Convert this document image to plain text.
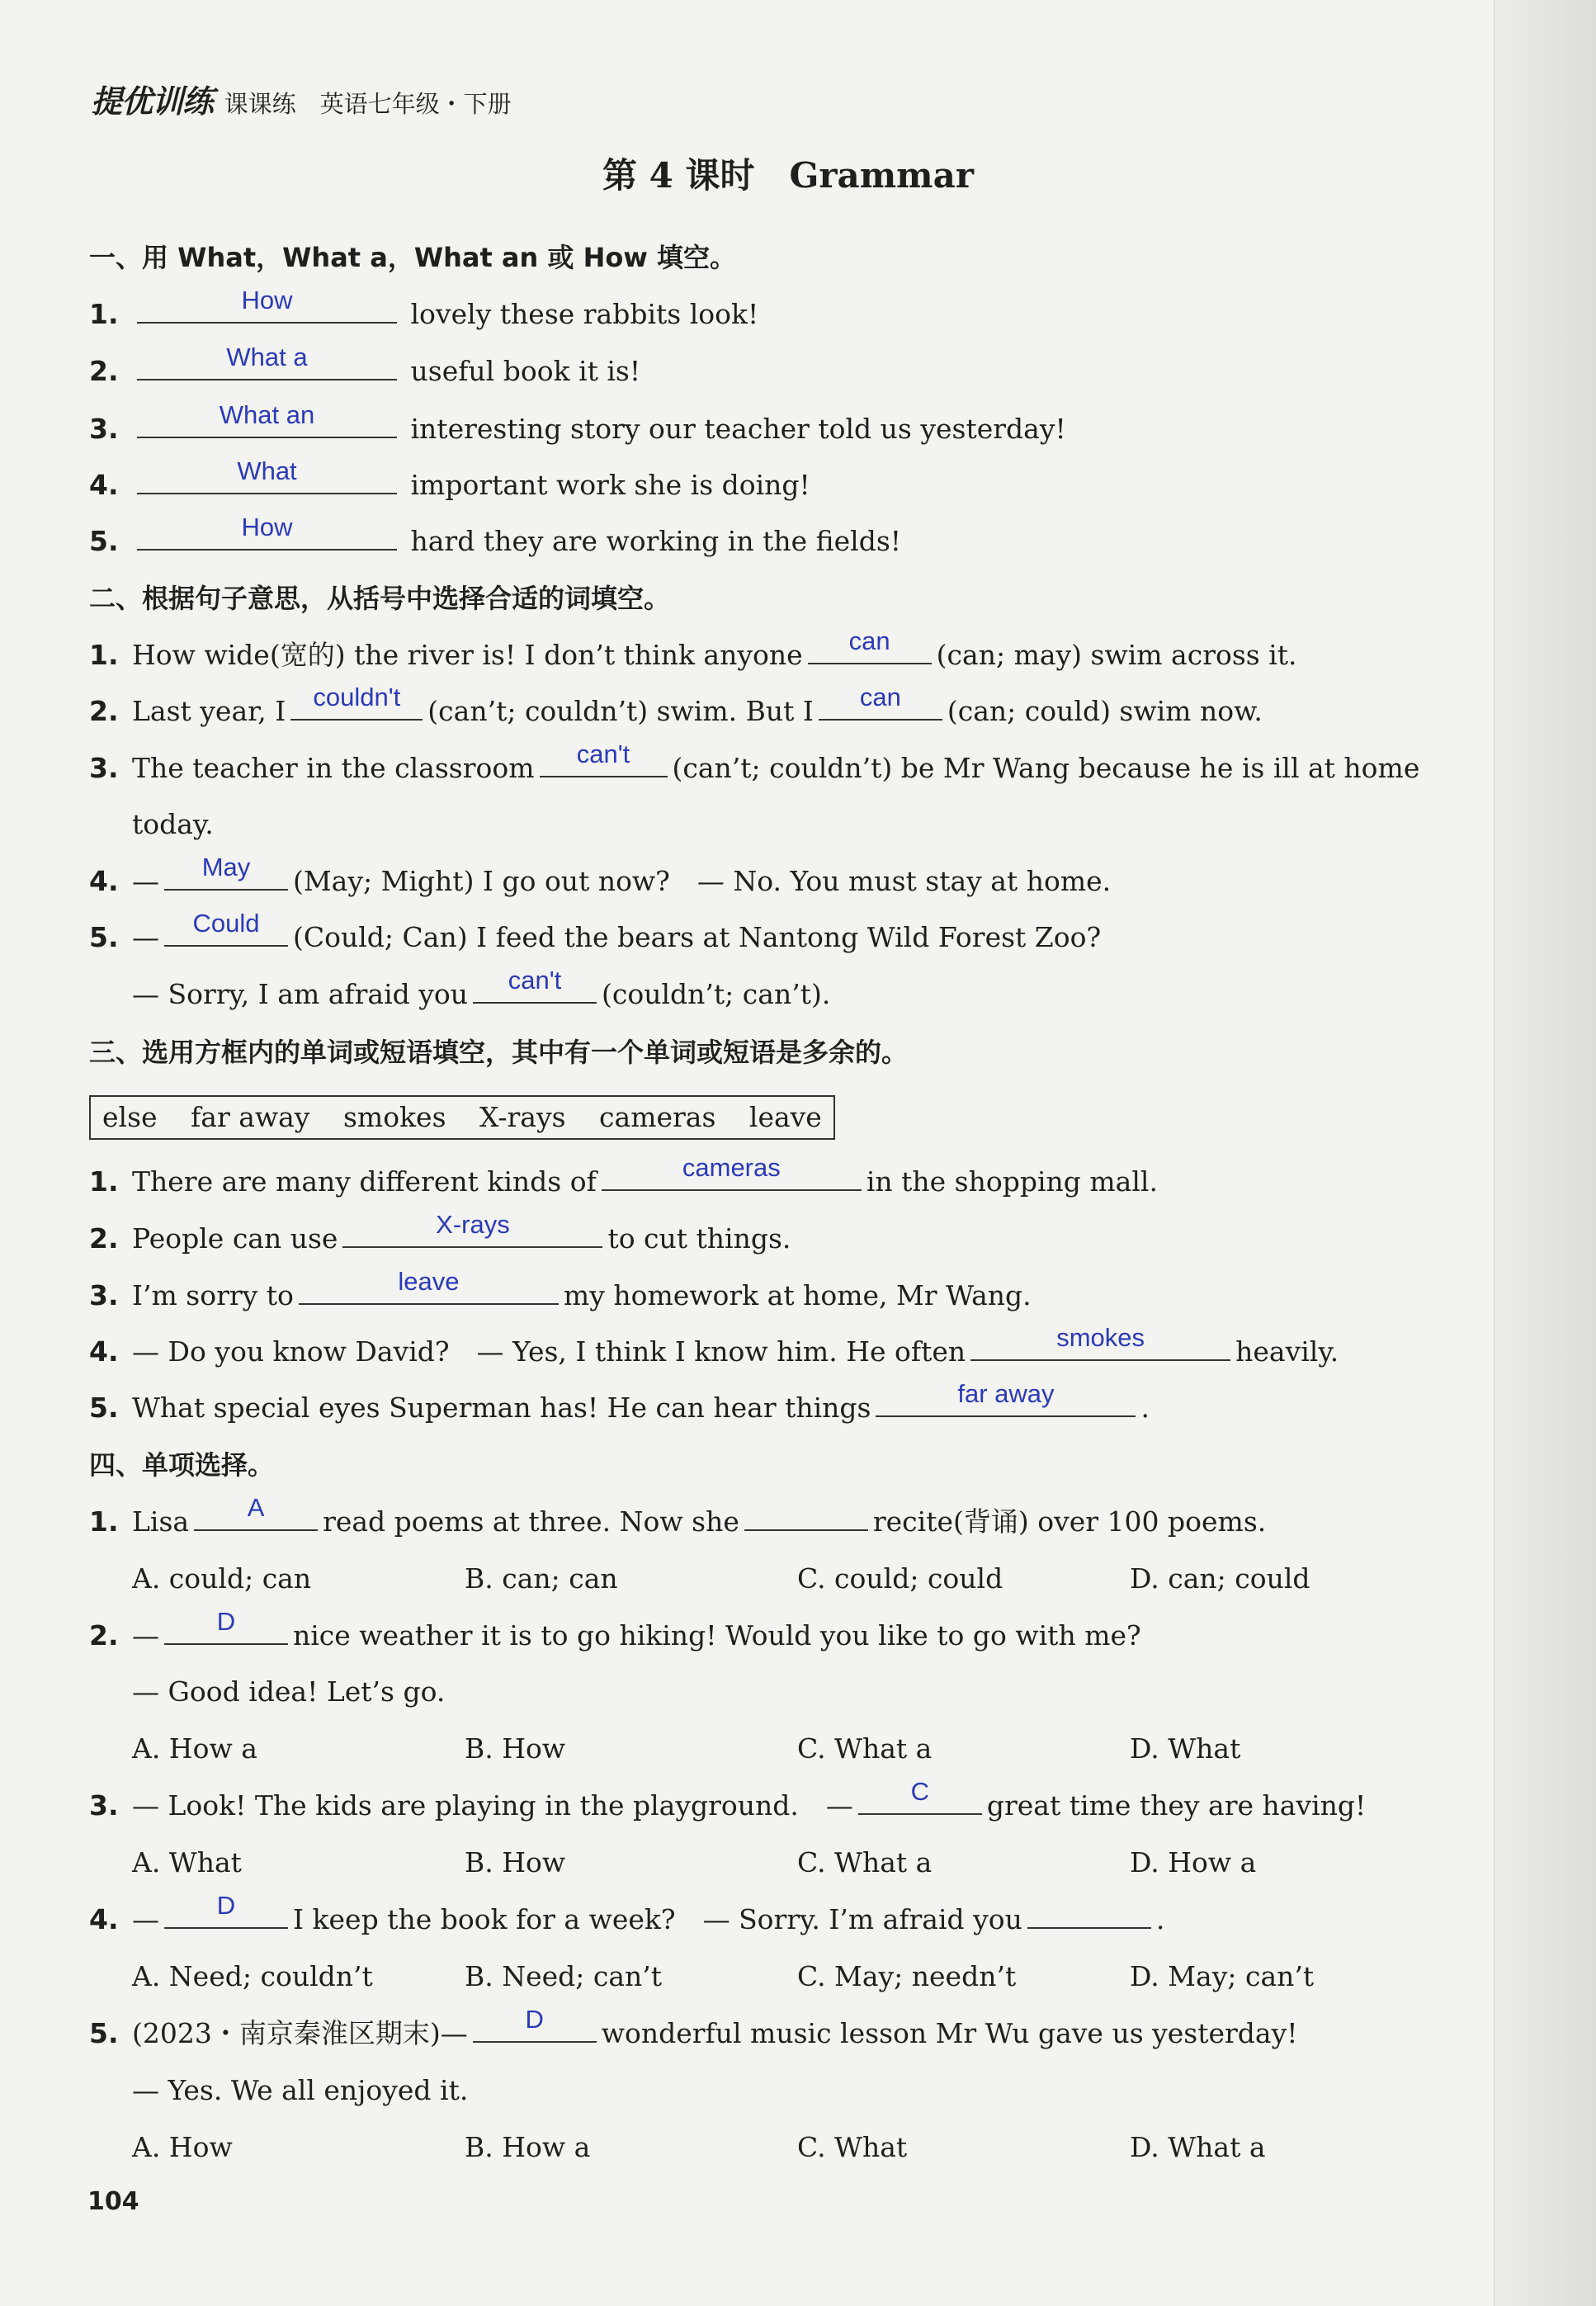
提优训练 课课练　英语七年级・下册
第 4 课时　Grammar
一、用 What，What a，What an 或 How 填空。
1.	How	lovely these rabbits look!
2.	What a	useful book it is!
3.	What an	interesting story our teacher told us yesterday!
4.	What	important work she is doing!
5.	How	hard they are working in the fields!
二、根据句子意思，从括号中选择合适的词填空。
1. How wide(宽的) the river is! I don’t think anyone	can	(can; may) swim across it.
2. Last year, I	couldn't	(can’t; couldn’t) swim. But I	can	(can; could) swim now.
3. The teacher in the classroom	can't	(can’t; couldn’t) be Mr Wang because he is ill at home
today.
4. —	May	(May; Might) I go out now?　— No. You must stay at home.
5. —	Could	(Could; Can) I feed the bears at Nantong Wild Forest Zoo?
— Sorry, I am afraid you	can't	(couldn’t; can’t).
三、选用方框内的单词或短语填空，其中有一个单词或短语是多余的。
else far away smokes X-rays cameras leave
1. There are many different kinds of	cameras	in the shopping mall.
2. People can use	X-rays	to cut things.
3. I’m sorry to	leave	my homework at home, Mr Wang.
4. — Do you know David?　— Yes, I think I know him. He often	smokes	heavily.
5. What special eyes Superman has! He can hear things	far away	.
四、单项选择。
1. Lisa	A	read poems at three. Now she	recite(背诵) over 100 poems.
A. could; can	B. can; can	C. could; could	D. can; could
2. —	D	nice weather it is to go hiking! Would you like to go with me?
— Good idea! Let’s go.
A. How a	B. How	C. What a	D. What
3. — Look! The kids are playing in the playground.　—	C	great time they are having!
A. What	B. How	C. What a	D. How a
4. —	D	I keep the book for a week?　— Sorry. I’m afraid you	.
A. Need; couldn’t	B. Need; can’t	C. May; needn’t	D. May; can’t
5. (2023・南京秦淮区期末)—	D	wonderful music lesson Mr Wu gave us yesterday!
— Yes. We all enjoyed it.
A. How	B. How a	C. What	D. What a
104
